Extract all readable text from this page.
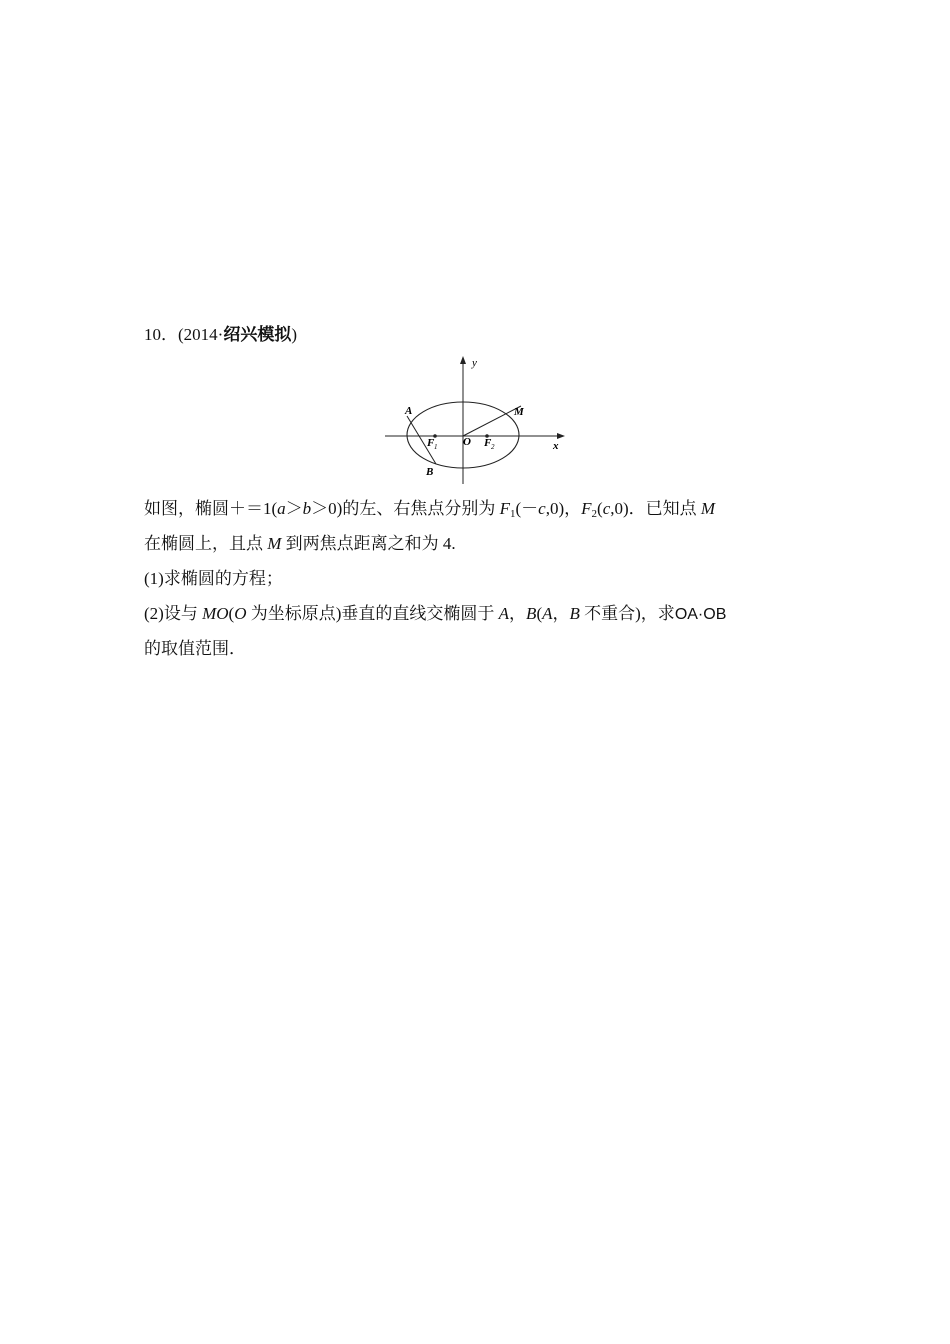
10．(2014·绍兴模拟)
y
x
A	M
B
O
F 1	F 2
如图，椭圆＋＝1(a＞b＞0)的左、右焦点分别为 $F_1(-c,0)$，$F_2(c,0)$．已知点 M
在椭圆上，且点 M 到两焦点距离之和为 4.
(1)求椭圆的方程；
(2)设与 MO(O 为坐标原点)垂直的直线交椭圆于 A，B(A，B 不重合)，求OA·OB
的取值范围．
